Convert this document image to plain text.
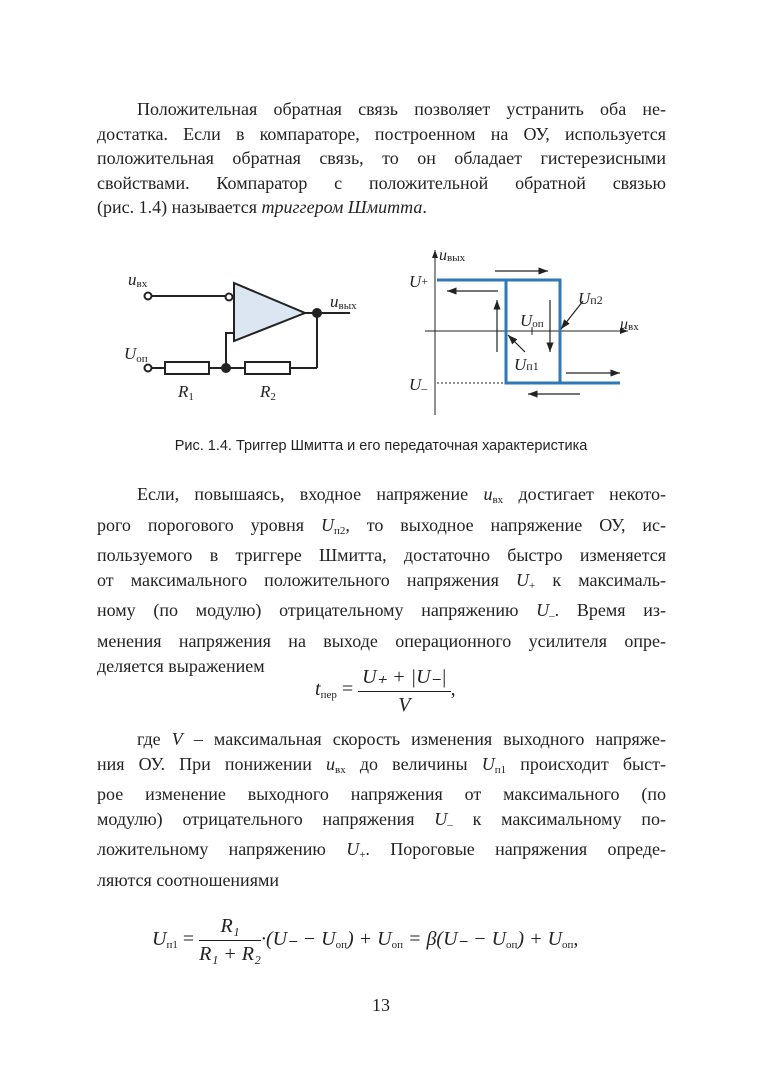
Положительная обратная связь позволяет устранить оба не-
достатка. Если в компараторе, построенном на ОУ, используется
положительная обратная связь, то он обладает гистерезисными
свойствами. Компаратор с положительной обратной связью
(рис. 1.4) называется триггером Шмитта.
uвх
uвых
Uоп
R1	R2
uвых
uвх
U+
U–
Uоп
Uп1
Uп2
Рис. 1.4. Триггер Шмитта и его передаточная характеристика
Если, повышаясь, входное напряжение $u_{вх}$ достигает некото-
рого порогового уровня $U_{п2}$, то выходное напряжение ОУ, ис-
пользуемого в триггере Шмитта, достаточно быстро изменяется
от максимального положительного напряжения $U_+$ к максималь-
ному (по модулю) отрицательному напряжению $U_-$. Время из-
менения напряжения на выходе операционного усилителя опре-
деляется выражением
$t_{пер} = \frac{U_+ + |U_-|}{V}$ ,
где V – максимальная скорость изменения выходного напряже-
ния ОУ. При понижении $u_{вх}$ до величины $U_{п1}$ происходит быст-
рое изменение выходного напряжения от максимального (по
модулю) отрицательного напряжения $U_-$ к максимальному по-
ложительному напряжению $U_+$. Пороговые напряжения опреде-
ляются соотношениями
$U_{п1} = \frac{\text{R₁}}{\text{R₁ + R₂}} \cdot(U_- - U_{оп}) + U_{оп} = \beta(U_- - U_{оп}) + U_{оп}$,
13
